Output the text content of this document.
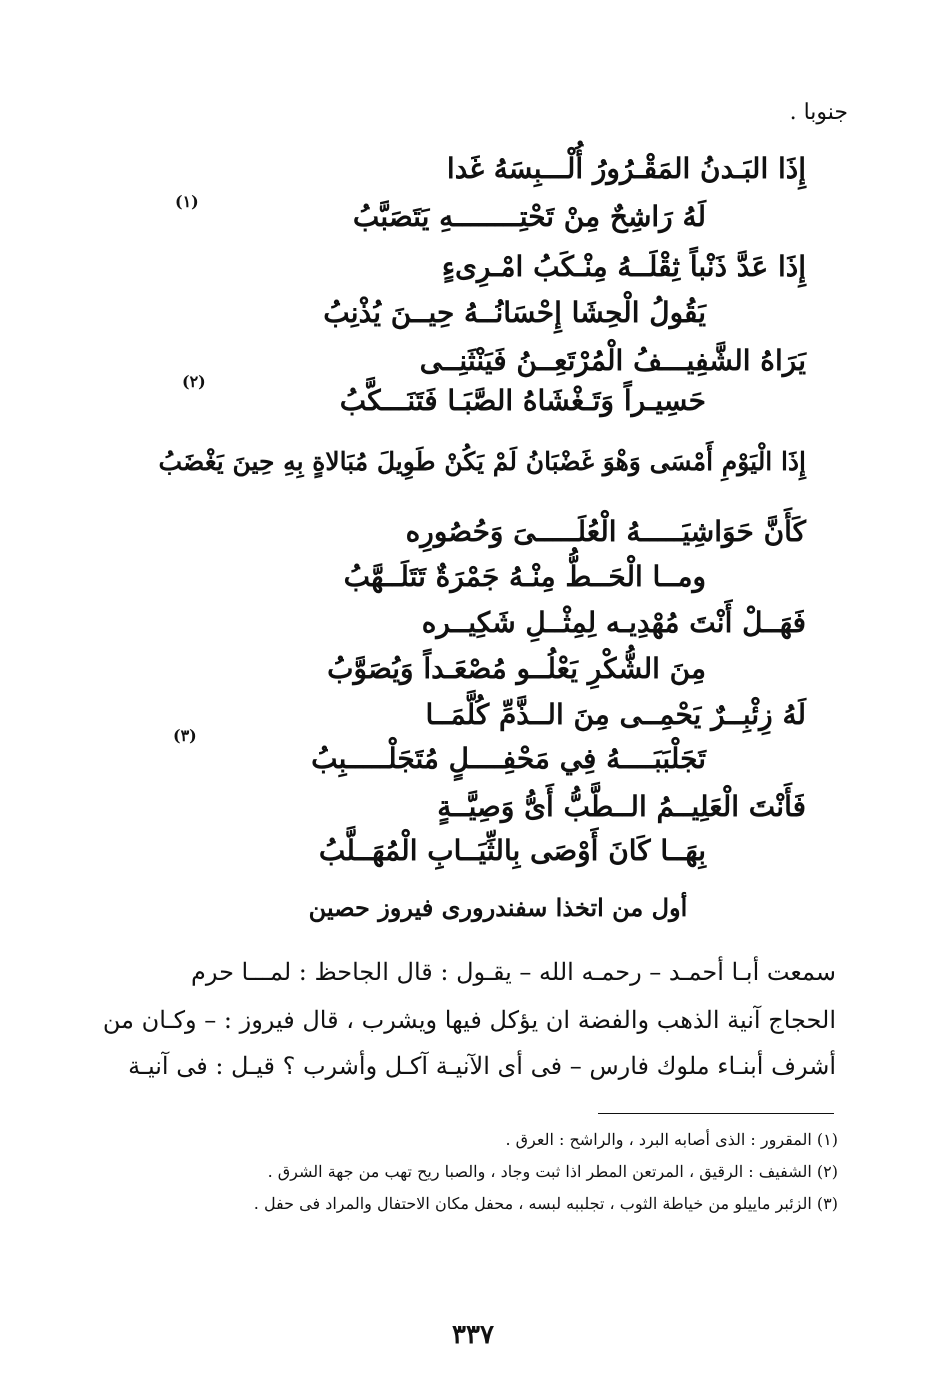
جنوبا .
إِذَا البَـدنُ المَقْـرُورُ أُلْـــبِسَهُ غَدا
لَهُ رَاشِحٌ مِنْ تَحْتِــــــــهِ يَتَصَبَّبُ
(١)
إِذَا عَدَّ ذَنْباً ثِقْلَــهُ مِنْـكَبُ امْـرِىءٍ
يَقُولُ الْحِشَا إِحْسَانُــهُ حِيــنَ يُذْنِبُ
يَرَاهُ الشَّفِيـــفُ الْمُرْتَعِــنُ فَيَنْثَنِــى
حَسِيـراً وَتَـغْشَاهُ الصَّبَـا فَتَنَـــكَّبُ
(٢)
إِذَا الْيَوْمِ أَمْسَى وَهْوَ غَضْبَانُ لَمْ يَكُنْ طَوِيلَ مُبَالاةٍ بِهِ حِينَ يَغْضَبُ
كَأَنَّ حَوَاشِيَـــــهُ الْعُلَـــــىَ وَحُصُورِه
ومــا الْحَــطُّ مِنْـهُ جَمْرَةٌ تَتَلَــهَّبُ
فَهَــلْ أَنْتَ مُهْدِيـه لِمِثْــلِ شَكِيــره
مِنَ الشُّكْرِ يَعْلُــو مُصْعَـداً وَيُصَوَّبُ
لَهُ زِئْبِــرٌ يَحْمِــى مِنَ الــذَّمِّ كُلَّمَــا
تَجَلْبَبَــــهُ فِي مَحْفِــــلٍ مُتَجَلْـــــبِبُ
(٣)
فَأَنْتَ الْعَلِيــمُ الــطَّبُّ أَىُّ وَصِيَّــةٍ
بِهَــا كَانَ أَوْصَى بِالثِّيَــابِ الْمُهَــلَّبُ
أول من اتخذا سفندرورى فيروز حصين
سمعت أبـا أحمـد – رحمـه الله – يقـول : قال الجاحظ : لمـــا حرم
الحجاج آنية الذهب والفضة ان يؤكل فيها ويشرب ، قال فيروز : – وكـان من
أشرف أبنـاء ملوك فارس – فى أى الآنيـة آكـل وأشرب ؟ قيـل : فى آنيـة
(١) المقرور : الذى أصابه البرد ، والراشح : العرق .
(٢) الشفيف : الرقيق ، المرتعن المطر اذا ثبت وجاد ، والصبا ريح تهب من جهة الشرق .
(٣) الزئبر ماييلو من خياطة الثوب ، تجلببه لبسه ، محفل مكان الاحتفال والمراد فى حفل .
٣٣٧
